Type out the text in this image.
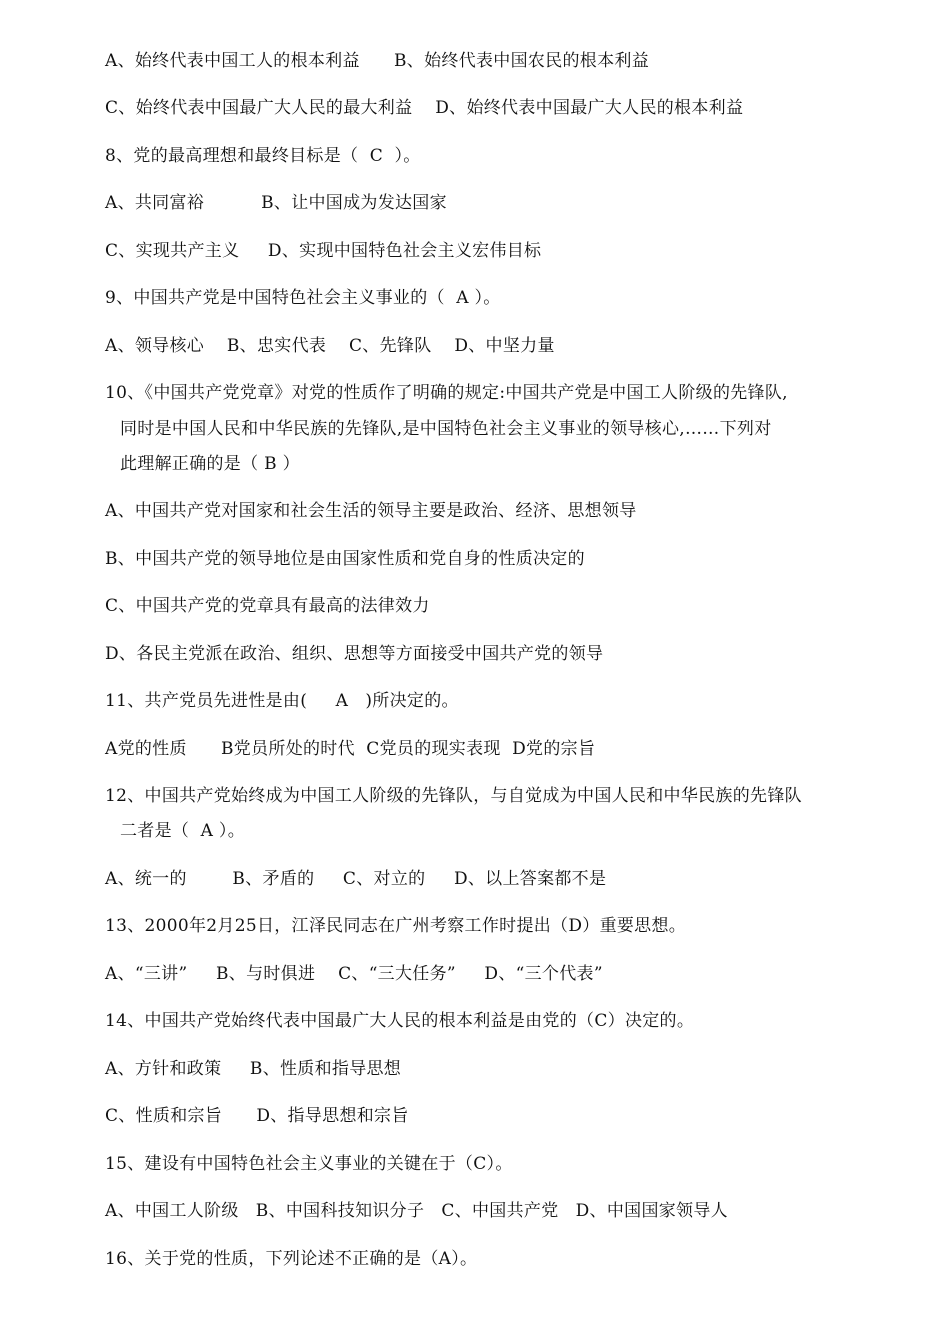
A、始终代表中国工人的根本利益      B、始终代表中国农民的根本利益
C、始终代表中国最广大人民的最大利益    D、始终代表中国最广大人民的根本利益
8、党的最高理想和最终目标是（  C  ）。
A、共同富裕          B、让中国成为发达国家
C、实现共产主义     D、实现中国特色社会主义宏伟目标
9、中国共产党是中国特色社会主义事业的（  A ）。
A、领导核心    B、忠实代表    C、先锋队    D、中坚力量
10、《中国共产党党章》对党的性质作了明确的规定:中国共产党是中国工人阶级的先锋队,
同时是中国人民和中华民族的先锋队,是中国特色社会主义事业的领导核心,……下列对
此理解正确的是（ B ）
A、中国共产党对国家和社会生活的领导主要是政治、经济、思想领导
B、中国共产党的领导地位是由国家性质和党自身的性质决定的
C、中国共产党的党章具有最高的法律效力
D、各民主党派在政治、组织、思想等方面接受中国共产党的领导
11、共产党员先进性是由(     A   )所决定的。
A党的性质      B党员所处的时代  C党员的现实表现  D党的宗旨
12、中国共产党始终成为中国工人阶级的先锋队，与自觉成为中国人民和中华民族的先锋队
二者是（  A ）。
A、统一的        B、矛盾的     C、对立的     D、以上答案都不是
13、2000年2月25日，江泽民同志在广州考察工作时提出（D）重要思想。
A、“三讲”     B、与时俱进    C、“三大任务”     D、“三个代表”
14、中国共产党始终代表中国最广大人民的根本利益是由党的（C）决定的。
A、方针和政策     B、性质和指导思想
C、性质和宗旨      D、指导思想和宗旨
15、建设有中国特色社会主义事业的关键在于（C）。
A、中国工人阶级   B、中国科技知识分子   C、中国共产党   D、中国国家领导人
16、关于党的性质，下列论述不正确的是（A）。
